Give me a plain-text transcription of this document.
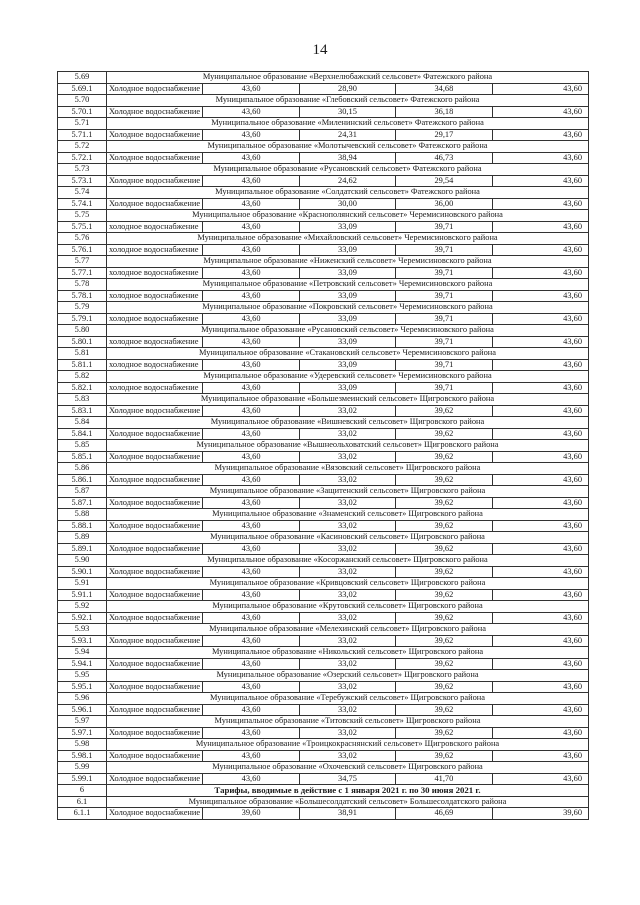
14
5.69	Муниципальное образование «Верхнелюбажский сельсовет» Фатежского района				
5.69.1	Холодное водоснабжение	43,60	28,90	34,68	43,60
5.70	Муниципальное образование «Глебовский сельсовет» Фатежского района				
5.70.1	Холодное водоснабжение	43,60	30,15	36,18	43,60
5.71	Муниципальное образование «Миленинский сельсовет» Фатежского района				
5.71.1	Холодное водоснабжение	43,60	24,31	29,17	43,60
5.72	Муниципальное образование «Молотычевский сельсовет» Фатежского района				
5.72.1	Холодное водоснабжение	43,60	38,94	46,73	43,60
5.73	Муниципальное образование «Русановский сельсовет» Фатежского района				
5.73.1	Холодное водоснабжение	43,60	24,62	29,54	43,60
5.74	Муниципальное образование «Солдатский сельсовет» Фатежского района				
5.74.1	Холодное водоснабжение	43,60	30,00	36,00	43,60
5.75	Муниципальное образование «Краснополянский сельсовет» Черемисиновского района				
5.75.1	холодное водоснабжение	43,60	33,09	39,71	43,60
5.76	Муниципальное образование «Михайловский сельсовет» Черемисиновского района				
5.76.1	холодное водоснабжение	43,60	33,09	39,71	43,60
5.77	Муниципальное образование «Ниженский сельсовет» Черемисиновского района				
5.77.1	холодное водоснабжение	43,60	33,09	39,71	43,60
5.78	Муниципальное образование «Петровский сельсовет» Черемисиновского района				
5.78.1	холодное водоснабжение	43,60	33,09	39,71	43,60
5.79	Муниципальное образование «Покровский сельсовет» Черемисиновского района				
5.79.1	холодное водоснабжение	43,60	33,09	39,71	43,60
5.80	Муниципальное образование «Русановский сельсовет» Черемисиновского района				
5.80.1	холодное водоснабжение	43,60	33,09	39,71	43,60
5.81	Муниципальное образование «Стакановский сельсовет» Черемисиновского района				
5.81.1	холодное водоснабжение	43,60	33,09	39,71	43,60
5.82	Муниципальное образование «Удеревский сельсовет» Черемисиновского района				
5.82.1	холодное водоснабжение	43,60	33,09	39,71	43,60
5.83	Муниципальное образование «Большезмеинский сельсовет» Щигровского района				
5.83.1	Холодное водоснабжение	43,60	33,02	39,62	43,60
5.84	Муниципальное образование «Вишневский сельсовет» Щигровского района				
5.84.1	Холодное водоснабжение	43,60	33,02	39,62	43,60
5.85	Муниципальное образование «Вышнеольховатский сельсовет» Щигровского района				
5.85.1	Холодное водоснабжение	43,60	33,02	39,62	43,60
5.86	Муниципальное образование «Вязовский сельсовет» Щигровского района				
5.86.1	Холодное водоснабжение	43,60	33,02	39,62	43,60
5.87	Муниципальное образование «Защитенский сельсовет» Щигровского района				
5.87.1	Холодное водоснабжение	43,60	33,02	39,62	43,60
5.88	Муниципальное образование «Знаменский сельсовет» Щигровского района				
5.88.1	Холодное водоснабжение	43,60	33,02	39,62	43,60
5.89	Муниципальное образование «Касиновский сельсовет» Щигровского района				
5.89.1	Холодное водоснабжение	43,60	33,02	39,62	43,60
5.90	Муниципальное образование «Косоржанский сельсовет» Щигровского района				
5.90.1	Холодное водоснабжение	43,60	33,02	39,62	43,60
5.91	Муниципальное образование «Кривцовский сельсовет» Щигровского района				
5.91.1	Холодное водоснабжение	43,60	33,02	39,62	43,60
5.92	Муниципальное образование «Крутовский сельсовет» Щигровского района				
5.92.1	Холодное водоснабжение	43,60	33,02	39,62	43,60
5.93	Муниципальное образование «Мелехинский сельсовет» Щигровского района				
5.93.1	Холодное водоснабжение	43,60	33,02	39,62	43,60
5.94	Муниципальное образование «Никольский сельсовет» Щигровского района				
5.94.1	Холодное водоснабжение	43,60	33,02	39,62	43,60
5.95	Муниципальное образование «Озерский сельсовет» Щигровского района				
5.95.1	Холодное водоснабжение	43,60	33,02	39,62	43,60
5.96	Муниципальное образование «Теребужский сельсовет» Щигровского района				
5.96.1	Холодное водоснабжение	43,60	33,02	39,62	43,60
5.97	Муниципальное образование «Титовский сельсовет» Щигровского района				
5.97.1	Холодное водоснабжение	43,60	33,02	39,62	43,60
5.98	Муниципальное образование «Троицкокраснянский сельсовет» Щигровского района				
5.98.1	Холодное водоснабжение	43,60	33,02	39,62	43,60
5.99	Муниципальное образование «Охочевский сельсовет» Щигровского района				
5.99.1	Холодное водоснабжение	43,60	34,75	41,70	43,60
6	Тарифы, вводимые в действие с 1 января 2021 г. по 30 июня 2021 г.				
6.1	Муниципальное образование «Большесолдатский сельсовет» Большесолдатского района				
6.1.1	Холодное водоснабжение	39,60	38,91	46,69	39,60
